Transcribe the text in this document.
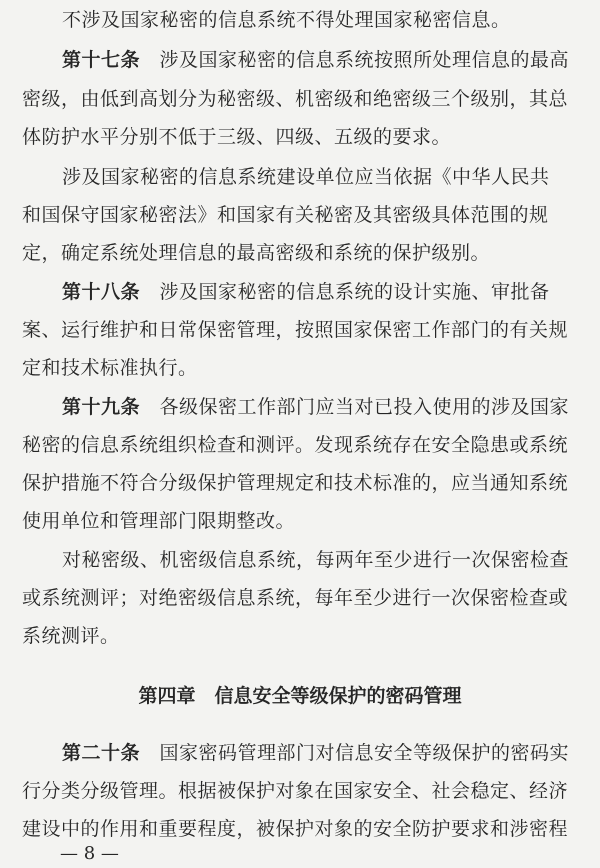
不涉及国家秘密的信息系统不得处理国家秘密信息。
第十七条　 涉及国家秘密的信息系统按照所处理信息的最高
密级，由低到高划分为秘密级、机密级和绝密级三个级别，其总
体防护水平分别不低于三级、四级、五级的要求。
涉及国家秘密的信息系统建设单位应当依据《中华人民共
和国保守国家秘密法》和国家有关秘密及其密级具体范围的规
定，确定系统处理信息的最高密级和系统的保护级别。
第十八条　 涉及国家秘密的信息系统的设计实施、审批备
案、运行维护和日常保密管理，按照国家保密工作部门的有关规
定和技术标准执行。
第十九条　 各级保密工作部门应当对已投入使用的涉及国家
秘密的信息系统组织检查和测评。发现系统存在安全隐患或系统
保护措施不符合分级保护管理规定和技术标准的，应当通知系统
使用单位和管理部门限期整改。
对秘密级、机密级信息系统，每两年至少进行一次保密检查
或系统测评；对绝密级信息系统，每年至少进行一次保密检查或
系统测评。
第四章　信息安全等级保护的密码管理
第二十条　 国家密码管理部门对信息安全等级保护的密码实
行分类分级管理。根据被保护对象在国家安全、社会稳定、经济
建设中的作用和重要程度，被保护对象的安全防护要求和涉密程
— 8 —
